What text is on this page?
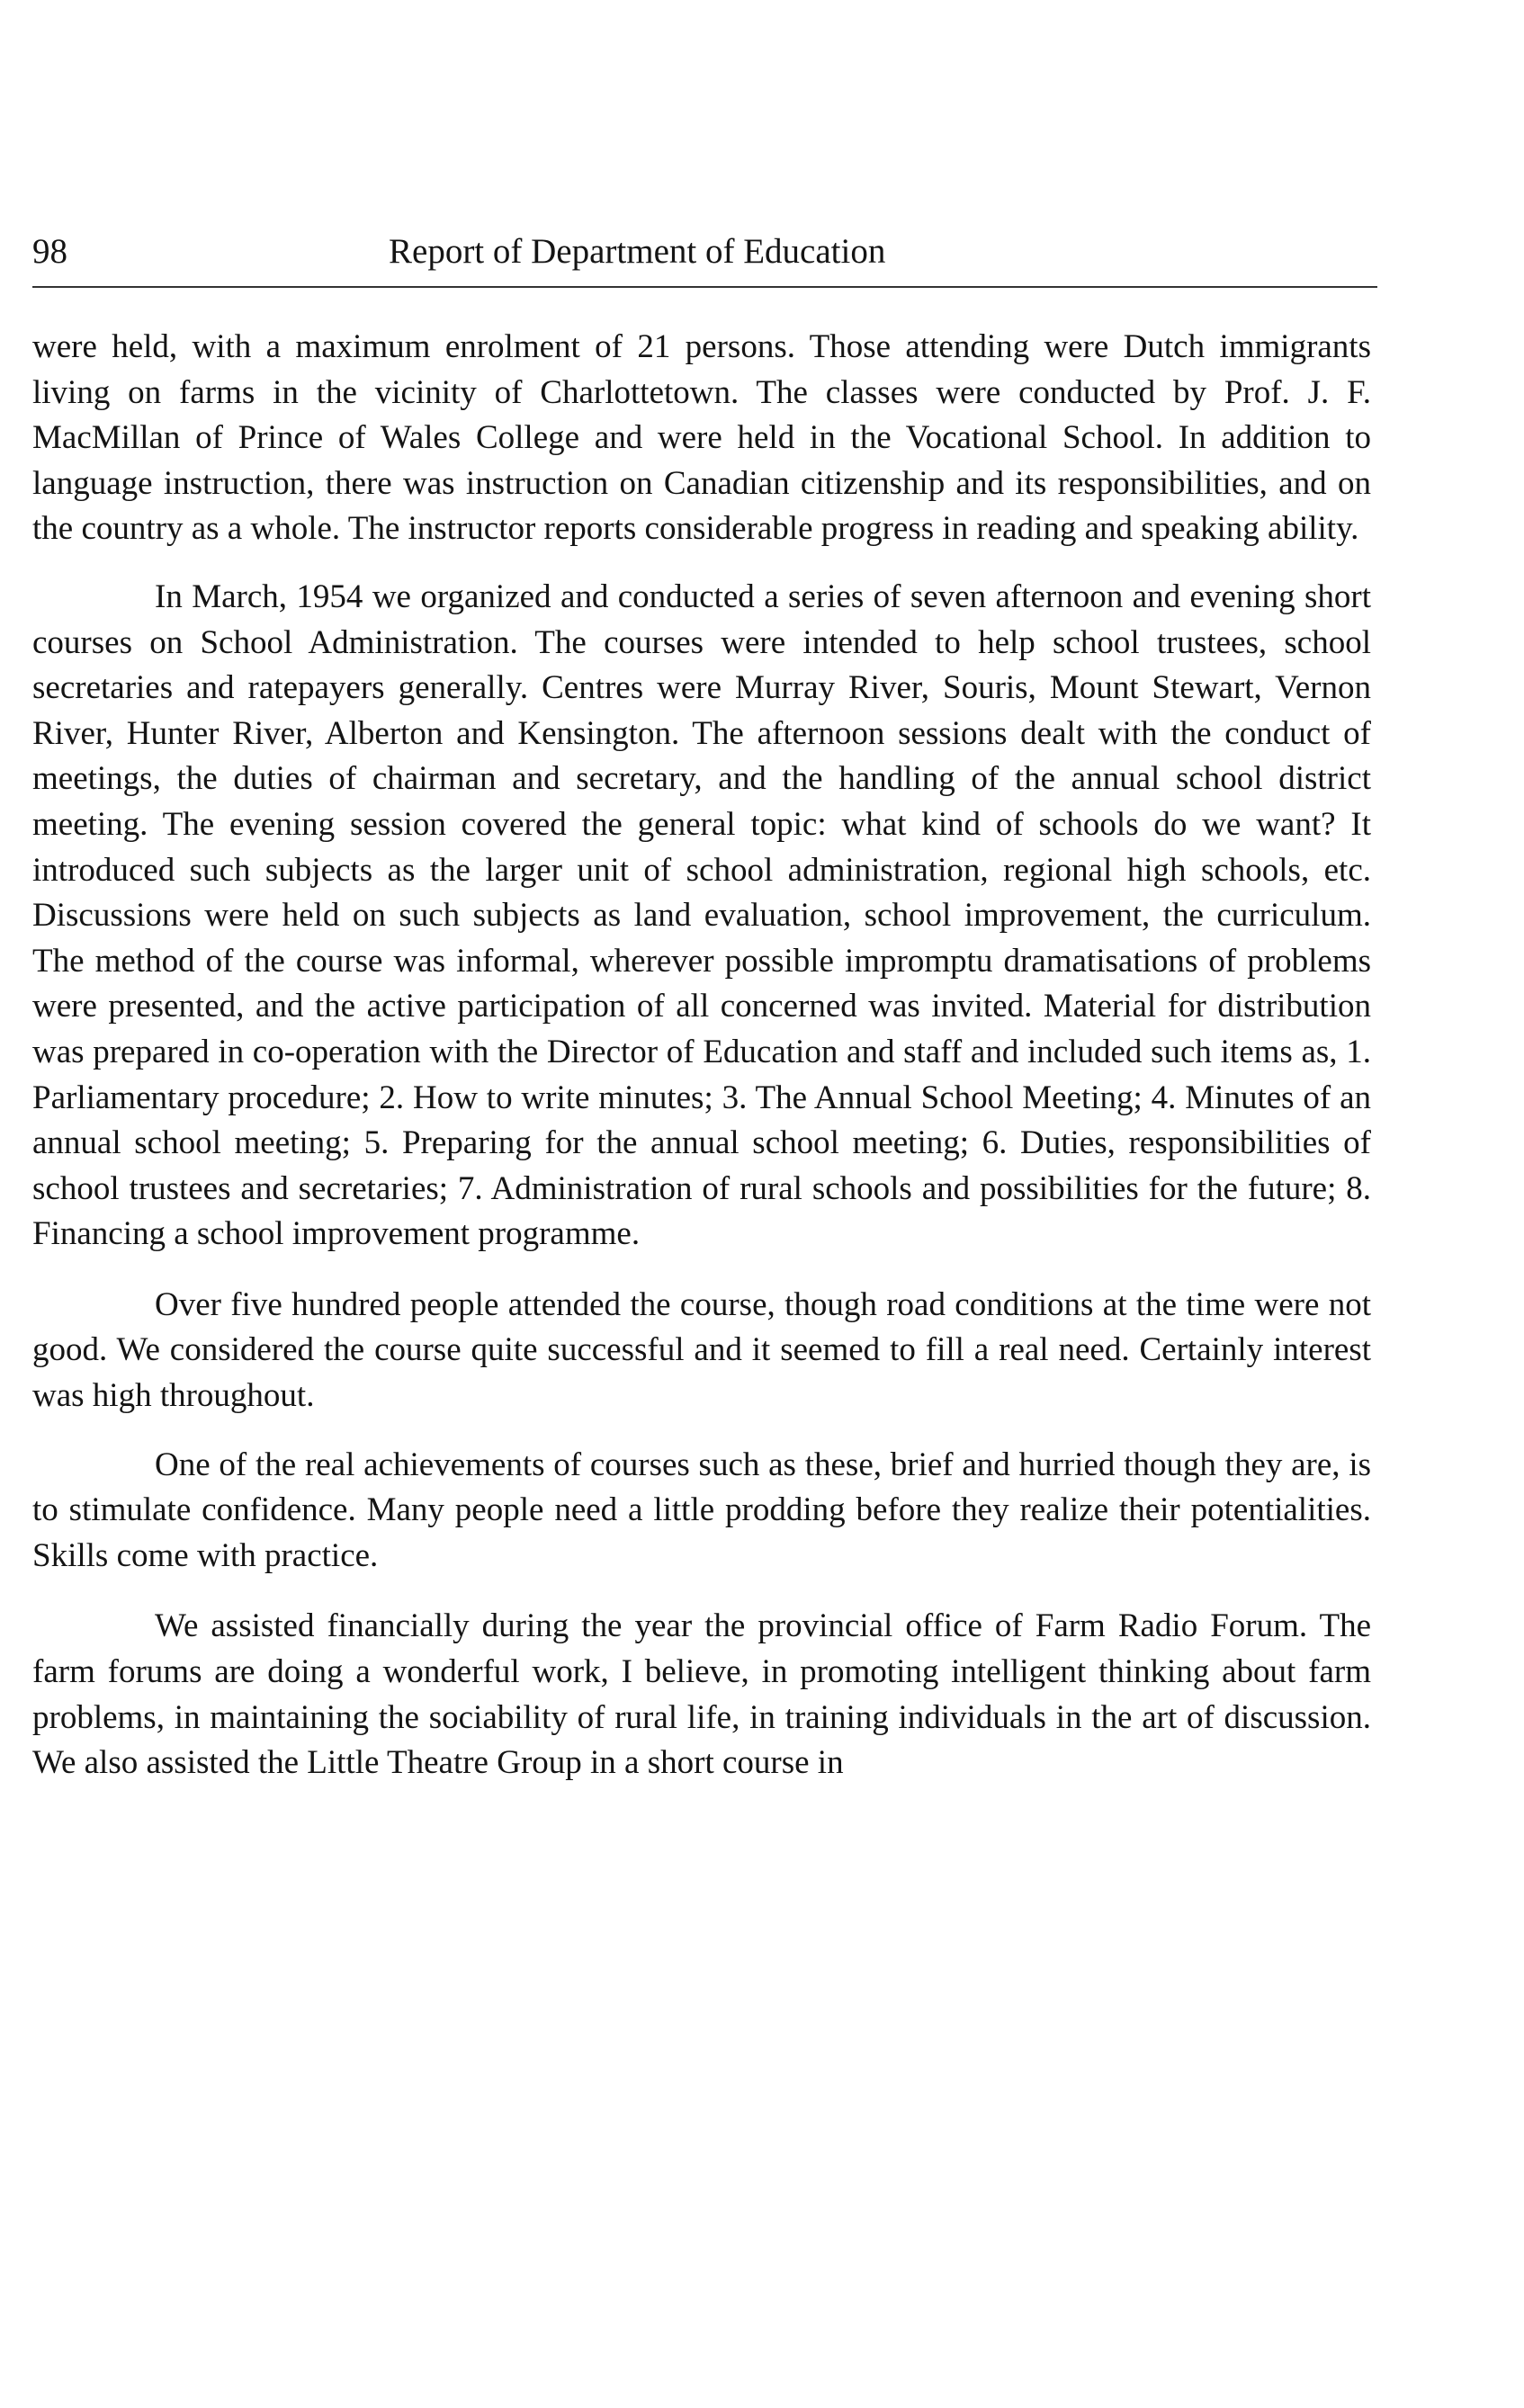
98	Report of Department of Education

were held, with a maximum enrolment of 21 persons. Those attending were Dutch immigrants living on farms in the vicinity of Charlottetown. The classes were conducted by Prof. J. F. MacMillan of Prince of Wales College and were held in the Vocational School. In addition to language instruction, there was instruction on Canadian citizenship and its responsibilities, and on the country as a whole. The instructor reports considerable progress in reading and speaking ability.

In March, 1954 we organized and conducted a series of seven afternoon and evening short courses on School Administration. The courses were intended to help school trustees, school secretaries and ratepayers generally. Centres were Murray River, Souris, Mount Stewart, Vernon River, Hunter River, Alberton and Kensington. The afternoon sessions dealt with the conduct of meetings, the duties of chairman and secretary, and the handling of the annual school district meeting. The evening session covered the general topic: what kind of schools do we want? It introduced such subjects as the larger unit of school administration, regional high schools, etc. Discussions were held on such subjects as land evaluation, school improvement, the curriculum. The method of the course was informal, wherever possible impromptu dramatisations of problems were presented, and the active participation of all concerned was invited. Material for distribution was prepared in co-operation with the Director of Education and staff and included such items as, 1. Parliamentary procedure; 2. How to write minutes; 3. The Annual School Meeting; 4. Minutes of an annual school meeting; 5. Preparing for the annual school meeting; 6. Duties, responsibilities of school trustees and secretaries; 7. Administration of rural schools and possibilities for the future; 8. Financing a school improvement programme.

Over five hundred people attended the course, though road conditions at the time were not good. We considered the course quite successful and it seemed to fill a real need. Certainly interest was high throughout.

One of the real achievements of courses such as these, brief and hurried though they are, is to stimulate confidence. Many people need a little prodding before they realize their potentialities. Skills come with practice.

We assisted financially during the year the provincial office of Farm Radio Forum. The farm forums are doing a wonderful work, I believe, in promoting intelligent thinking about farm problems, in maintaining the sociability of rural life, in training individuals in the art of discussion. We also assisted the Little Theatre Group in a short course in
